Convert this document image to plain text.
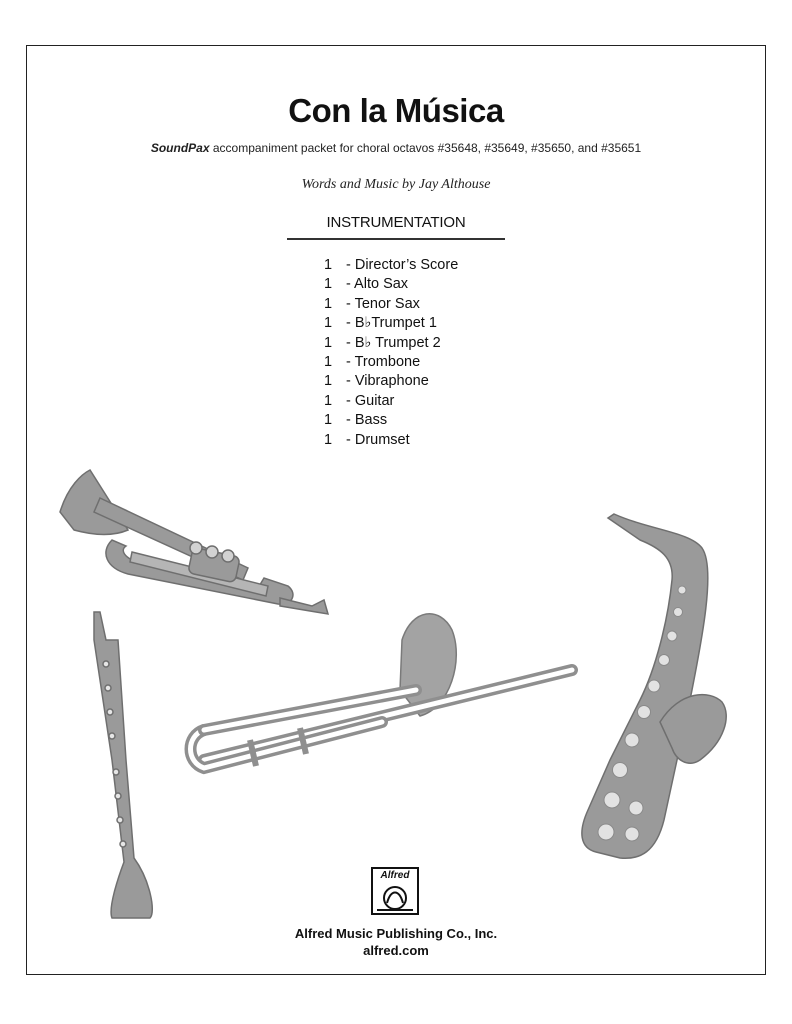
Con la Música
SoundPax accompaniment packet for choral octavos #35648, #35649, #35650, and #35651
Words and Music by Jay Althouse
INSTRUMENTATION
1 - Director’s Score
1 - Alto Sax
1 - Tenor Sax
1 - B♭Trumpet 1
1 - B♭ Trumpet 2
1 - Trombone
1 - Vibraphone
1 - Guitar
1 - Bass
1 - Drumset
Alfred
Alfred Music Publishing Co., Inc.
alfred.com
